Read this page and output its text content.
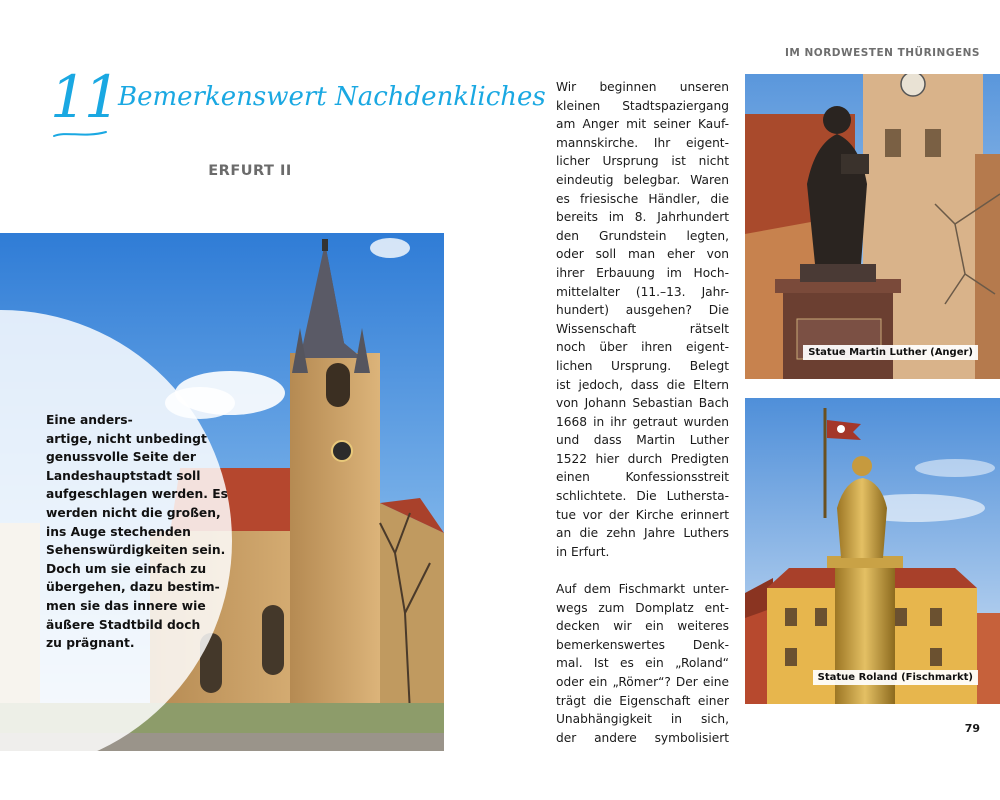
IM NORDWESTEN THÜRINGENS
11 Bemerkenswert Nachdenkliches
ERFURT II
Eine anders-
artige, nicht unbedingt
genussvolle Seite der
Landeshauptstadt soll
aufgeschlagen werden. Es
werden nicht die großen,
ins Auge stechenden
Sehenswürdigkeiten sein.
Doch um sie einfach zu
übergehen, dazu bestim-
men sie das innere wie
äußere Stadtbild doch
zu prägnant.
Wir beginnen unseren
kleinen Stadtspaziergang
am Anger mit seiner Kauf-
mannskirche. Ihr eigent-
licher Ursprung ist nicht
eindeutig belegbar. Waren
es friesische Händler, die
bereits im 8. Jahrhundert
den Grundstein legten,
oder soll man eher von
ihrer Erbauung im Hoch-
mittelalter (11.–13. Jahr-
hundert) ausgehen? Die
Wissenschaft rätselt
noch über ihren eigent-
lichen Ursprung. Belegt
ist jedoch, dass die Eltern
von Johann Sebastian Bach
1668 in ihr getraut wurden
und dass Martin Luther
1522 hier durch Predigten
einen Konfessionsstreit
schlichtete. Die Luthersta-
tue vor der Kirche erinnert
an die zehn Jahre Luthers
in Erfurt.
Auf dem Fischmarkt unter-
wegs zum Domplatz ent-
decken wir ein weiteres
bemerkenswertes Denk-
mal. Ist es ein „Roland“
oder ein „Römer“? Der eine
trägt die Eigenschaft einer
Unabhängigkeit in sich,
der andere symbolisiert
Statue Martin Luther (Anger)
Statue Roland (Fischmarkt)
79
